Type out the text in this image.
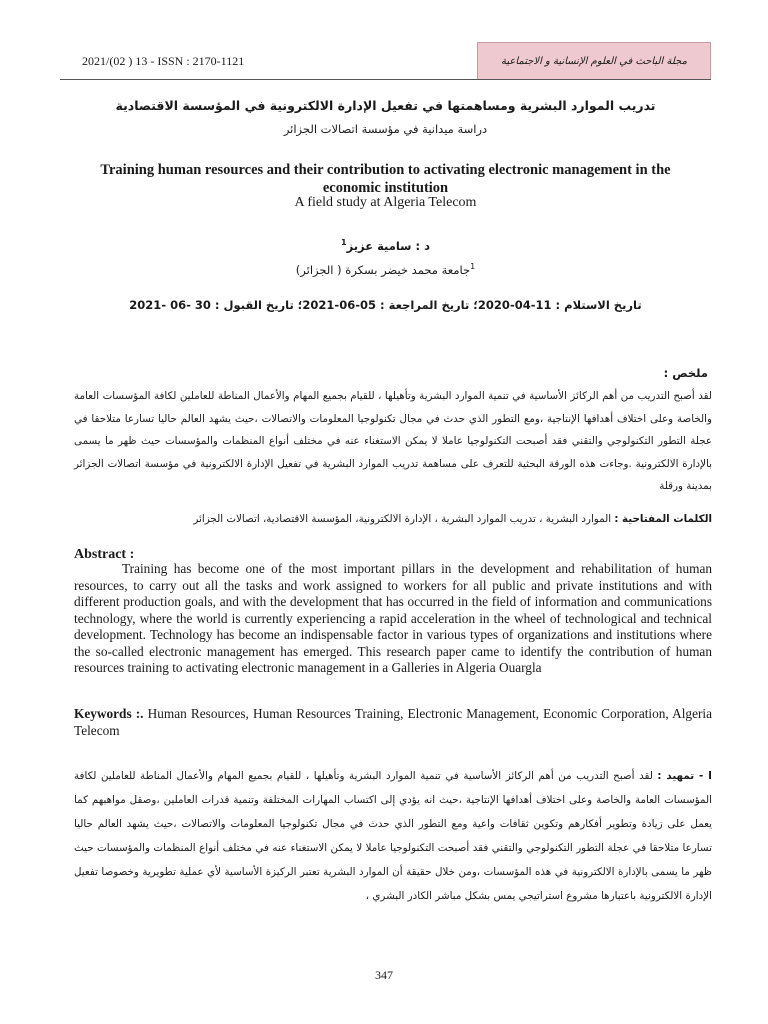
2021/(02 ) 13 - ISSN : 2170-1121	مجلة الباحث في العلوم الإنسانية و الاجتماعية
تدريب الموارد البشرية ومساهمتها في تفعيل الإدارة الالكترونية في المؤسسة الاقتصادية
دراسة ميدانية في مؤسسة اتصالات الجزائر
Training human resources and their contribution to activating electronic management in the economic institution
A field study at Algeria Telecom
د : سامية عزيز$^1$
$^1$جامعة محمد خيضر بسكرة ( الجزائر)
تاريخ الاستلام : 11-04-2020؛ تاريخ المراجعة : 05-06-2021؛ تاريخ القبول : 30 -06 -2021
ملخص :
لقد أصبح التدريب من أهم الركائز الأساسية في تنمية الموارد البشرية وتأهيلها ، للقيام بجميع المهام والأعمال المناطة للعاملين لكافة المؤسسات العامة والخاصة وعلى اختلاف أهدافها الإنتاجية ،ومع التطور الذي حدث في مجال تكنولوجيا المعلومات والاتصالات ،حيث يشهد العالم حاليا تسارعا متلاحقا في عجلة التطور التكنولوجي والتقني فقد أصبحت التكنولوجيا عاملا لا يمكن الاستغناء عنه في مختلف أنواع المنظمات والمؤسسات حيث ظهر ما يسمى بالإدارة الالكترونية .وجاءت هذه الورقة البحثية للتعرف على مساهمة تدريب الموارد البشرية في تفعيل الإدارة الالكترونية في مؤسسة اتصالات الجزائر بمدينة ورقلة
الكلمات المفتاحية : الموارد البشرية ، تدريب الموارد البشرية ، الإدارة الالكترونية، المؤسسة الاقتصادية، اتصالات الجزائر
Abstract :
Training has become one of the most important pillars in the development and rehabilitation of human resources, to carry out all the tasks and work assigned to workers for all public and private institutions and with different production goals, and with the development that has occurred in the field of information and communications technology, where the world is currently experiencing a rapid acceleration in the wheel of technological and technical development. Technology has become an indispensable factor in various types of organizations and institutions where the so-called electronic management has emerged. This research paper came to identify the contribution of human resources training to activating electronic management in a Galleries in Algeria Ouargla
Keywords :. Human Resources, Human Resources Training, Electronic Management, Economic Corporation, Algeria Telecom
I - تمهيد : لقد أصبح التدريب من أهم الركائز الأساسية في تنمية الموارد البشرية وتأهيلها ، للقيام بجميع المهام والأعمال المناطة للعاملين لكافة المؤسسات العامة والخاصة وعلى اختلاف أهدافها الإنتاجية ،حيث انه يؤدي إلى اكتساب المهارات المختلفة وتنمية قدرات العاملين ،وصقل مواهبهم كما يعمل على زيادة وتطوير أفكارهم وتكوين ثقافات واعية ومع التطور الذي حدث في مجال تكنولوجيا المعلومات والاتصالات ،حيث يشهد العالم حاليا تسارعا متلاحقا في عجلة التطور التكنولوجي والتقني فقد أصبحت التكنولوجيا عاملا لا يمكن الاستغناء عنه في مختلف أنواع المنظمات والمؤسسات حيث ظهر ما يسمى بالإدارة الالكترونية في هذه المؤسسات ،ومن خلال حقيقة أن الموارد البشرية تعتبر الركيزة الأساسية لأي عملية تطويرية وخصوصا تفعيل الإدارة الالكترونية باعتبارها مشروع استراتيجي يمس بشكل مباشر الكادر البشري ،
347
